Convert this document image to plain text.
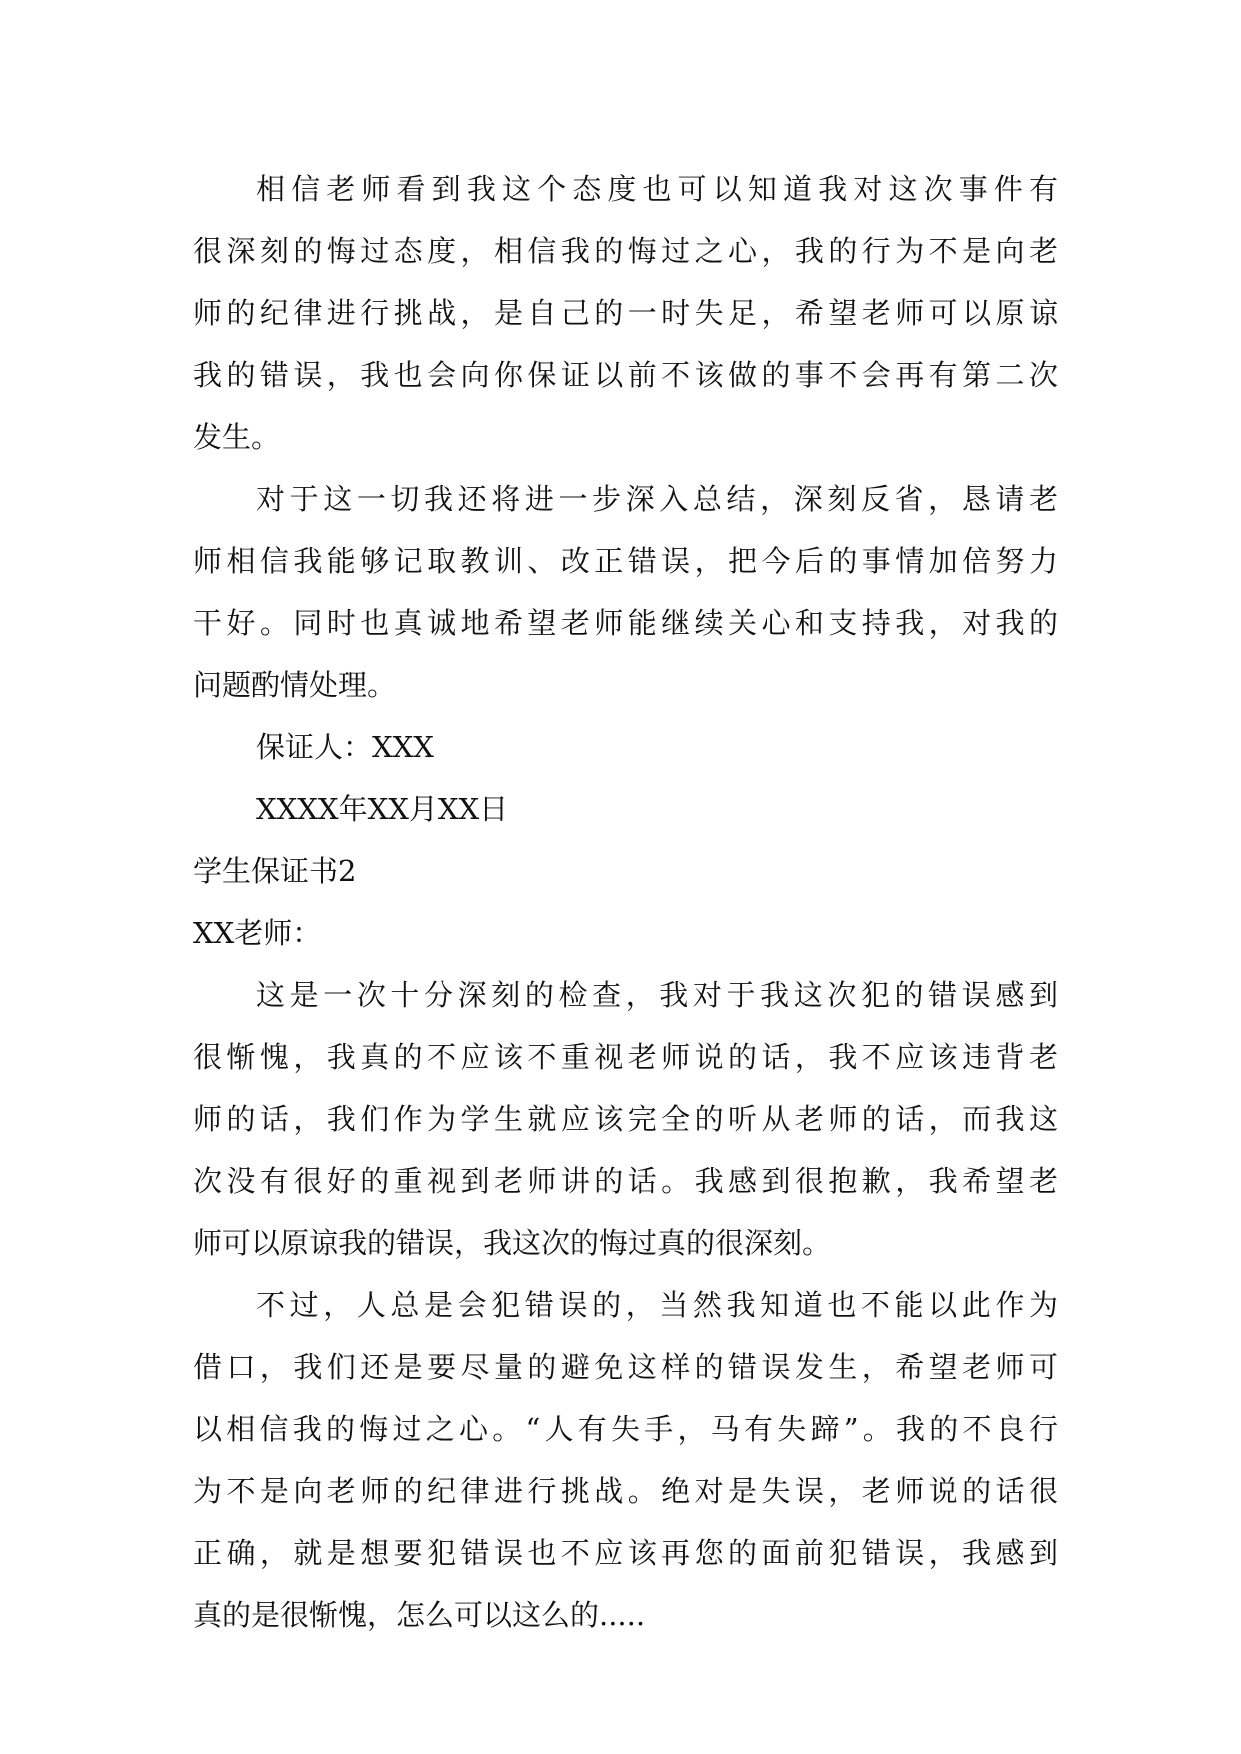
相信老师看到我这个态度也可以知道我对这次事件有
很深刻的悔过态度，相信我的悔过之心，我的行为不是向老
师的纪律进行挑战，是自己的一时失足，希望老师可以原谅
我的错误，我也会向你保证以前不该做的事不会再有第二次
发生。
对于这一切我还将进一步深入总结，深刻反省，恳请老
师相信我能够记取教训、改正错误，把今后的事情加倍努力
干好。同时也真诚地希望老师能继续关心和支持我，对我的
问题酌情处理。
保证人：XXX
XXXX年XX月XX日
学生保证书2
XX老师：
这是一次十分深刻的检查，我对于我这次犯的错误感到
很惭愧，我真的不应该不重视老师说的话，我不应该违背老
师的话，我们作为学生就应该完全的听从老师的话，而我这
次没有很好的重视到老师讲的话。我感到很抱歉，我希望老
师可以原谅我的错误，我这次的悔过真的很深刻。
不过，人总是会犯错误的，当然我知道也不能以此作为
借口，我们还是要尽量的避免这样的错误发生，希望老师可
以相信我的悔过之心。“人有失手，马有失蹄”。我的不良行
为不是向老师的纪律进行挑战。绝对是失误，老师说的话很
正确，就是想要犯错误也不应该再您的面前犯错误，我感到
真的是很惭愧，怎么可以这么的.....
